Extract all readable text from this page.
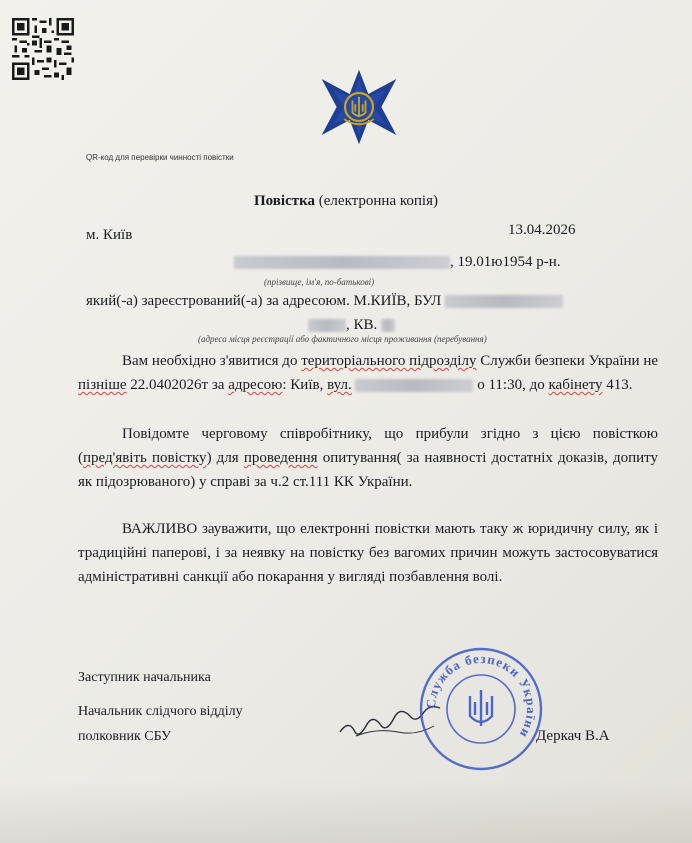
QR-код для перевірки чинності повістки
Повістка (електронна копія)
м. Київ	13.04.2026
, 19.01ю1954 р-н.
(прізвище, ім'я, по-батькові)
який(-а) зареєстрований(-а) за адресоюм. М.КИЇВ, БУЛ
, КВ.
(адреса місця реєстрації або фактичного місця проживання (перебування)
Вам необхідно з'явитися до територіального підрозділу Служби безпеки України не пізніше 22.0402026т за адресою: Київ, вул.	о 11:30, до кабінету 413.
Повідомте черговому співробітнику, що прибули згідно з цією повісткою (пред'явіть повістку) для проведення опитування( за наявності достатніх доказів, допиту як підозрюваного) у справі за ч.2 ст.111 КК України.
ВАЖЛИВО зауважити, що електронні повістки мають таку ж юридичну силу, як і традиційні паперові, і за неявку на повістку без вагомих причин можуть застосовуватися адміністративні санкції або покарання у вигляді позбавлення волі.
Заступник начальника
Начальник слідчого відділу
полковник СБУ
Служба безпеки України Деркач В.А
